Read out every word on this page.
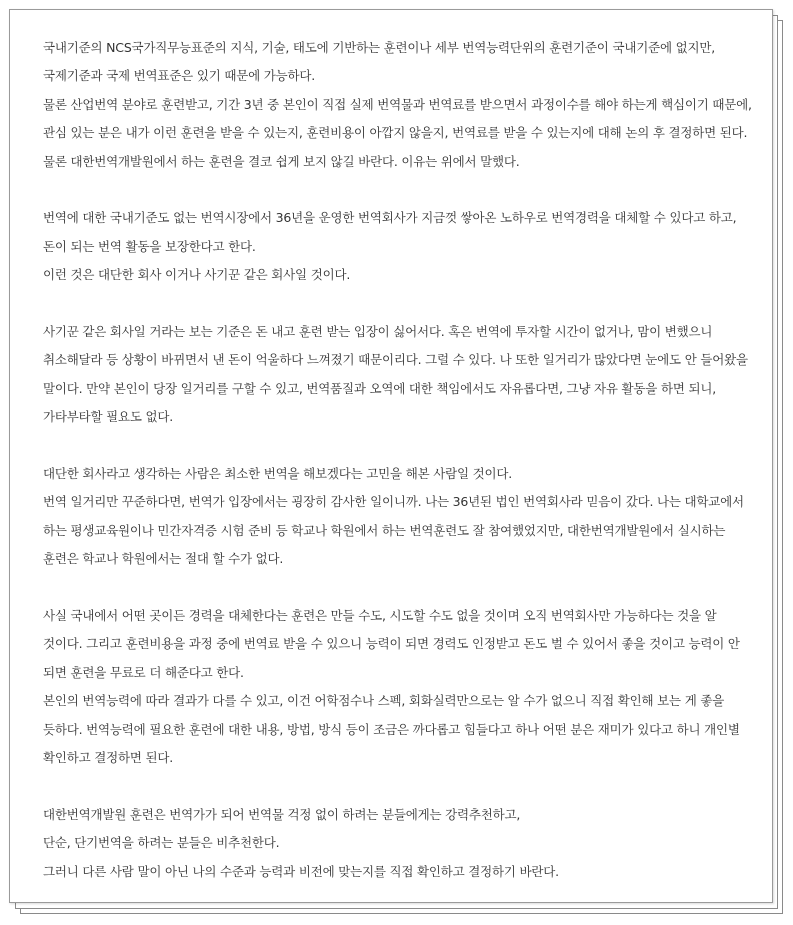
국내기준의 NCS국가직무능표준의 지식, 기술, 태도에 기반하는 훈련이나 세부 번역능력단위의 훈련기준이 국내기준에 없지만, 국제기준과 국제 번역표준은 있기 때문에 가능하다.

물론 산업번역 분야로 훈련받고, 기간 3년 중 본인이 직접 실제 번역물과 번역료를 받으면서 과정이수를 해야 하는게 핵심이기 때문에, 관심 있는 분은 내가 이런 훈련을 받을 수 있는지, 훈련비용이 아깝지 않을지, 번역료를 받을 수 있는지에 대해 논의 후 결정하면 된다. 물론 대한번역개발원에서 하는 훈련을 결코 쉽게 보지 않길 바란다. 이유는 위에서 말했다.

번역에 대한 국내기준도 없는 번역시장에서 36년을 운영한 번역회사가 지금껏 쌓아온 노하우로 번역경력을 대체할 수 있다고 하고, 돈이 되는 번역 활동을 보장한다고 한다.

이런 것은 대단한 회사 이거나 사기꾼 같은 회사일 것이다.

사기꾼 같은 회사일 거라는 보는 기준은 돈 내고 훈련 받는 입장이 싫어서다. 혹은 번역에 투자할 시간이 없거나, 맘이 변했으니 취소해달라 등 상황이 바뀌면서 낸 돈이 억울하다 느껴졌기 때문이리다. 그럴 수 있다. 나 또한 일거리가 많았다면 눈에도 안 들어왔을 말이다. 만약 본인이 당장 일거리를 구할 수 있고, 번역품질과 오역에 대한 책임에서도 자유롭다면, 그냥 자유 활동을 하면 되니, 가타부타할 필요도 없다.

대단한 회사라고 생각하는 사람은 최소한 번역을 해보겠다는 고민을 해본 사람일 것이다.

번역 일거리만 꾸준하다면, 번역가 입장에서는 굉장히 감사한 일이니까. 나는 36년된 법인 번역회사라 믿음이 갔다. 나는 대학교에서 하는 평생교육원이나 민간자격증 시험 준비 등 학교나 학원에서 하는 번역훈련도 잘 참여했었지만, 대한번역개발원에서 실시하는 훈련은 학교나 학원에서는 절대 할 수가 없다.

사실 국내에서 어떤 곳이든 경력을 대체한다는 훈련은 만들 수도, 시도할 수도 없을 것이며 오직 번역회사만 가능하다는 것을 알 것이다. 그리고 훈련비용을 과정 중에 번역료 받을 수 있으니 능력이 되면 경력도 인정받고 돈도 벌 수 있어서 좋을 것이고 능력이 안 되면 훈련을 무료로 더 해준다고 한다.

본인의 번역능력에 따라 결과가 다를 수 있고, 이건 어학점수나 스펙, 회화실력만으로는 알 수가 없으니 직접 확인해 보는 게 좋을 듯하다. 번역능력에 필요한 훈련에 대한 내용, 방법, 방식 등이 조금은 까다롭고 힘들다고 하나 어떤 분은 재미가 있다고 하니 개인별 확인하고 결정하면 된다.

대한번역개발원 훈련은 번역가가 되어 번역물 걱정 없이 하려는 분들에게는 강력추천하고,

단순, 단기번역을 하려는 분들은 비추천한다.

그러니 다른 사람 말이 아닌 나의 수준과 능력과 비전에 맞는지를 직접 확인하고 결정하기 바란다.
